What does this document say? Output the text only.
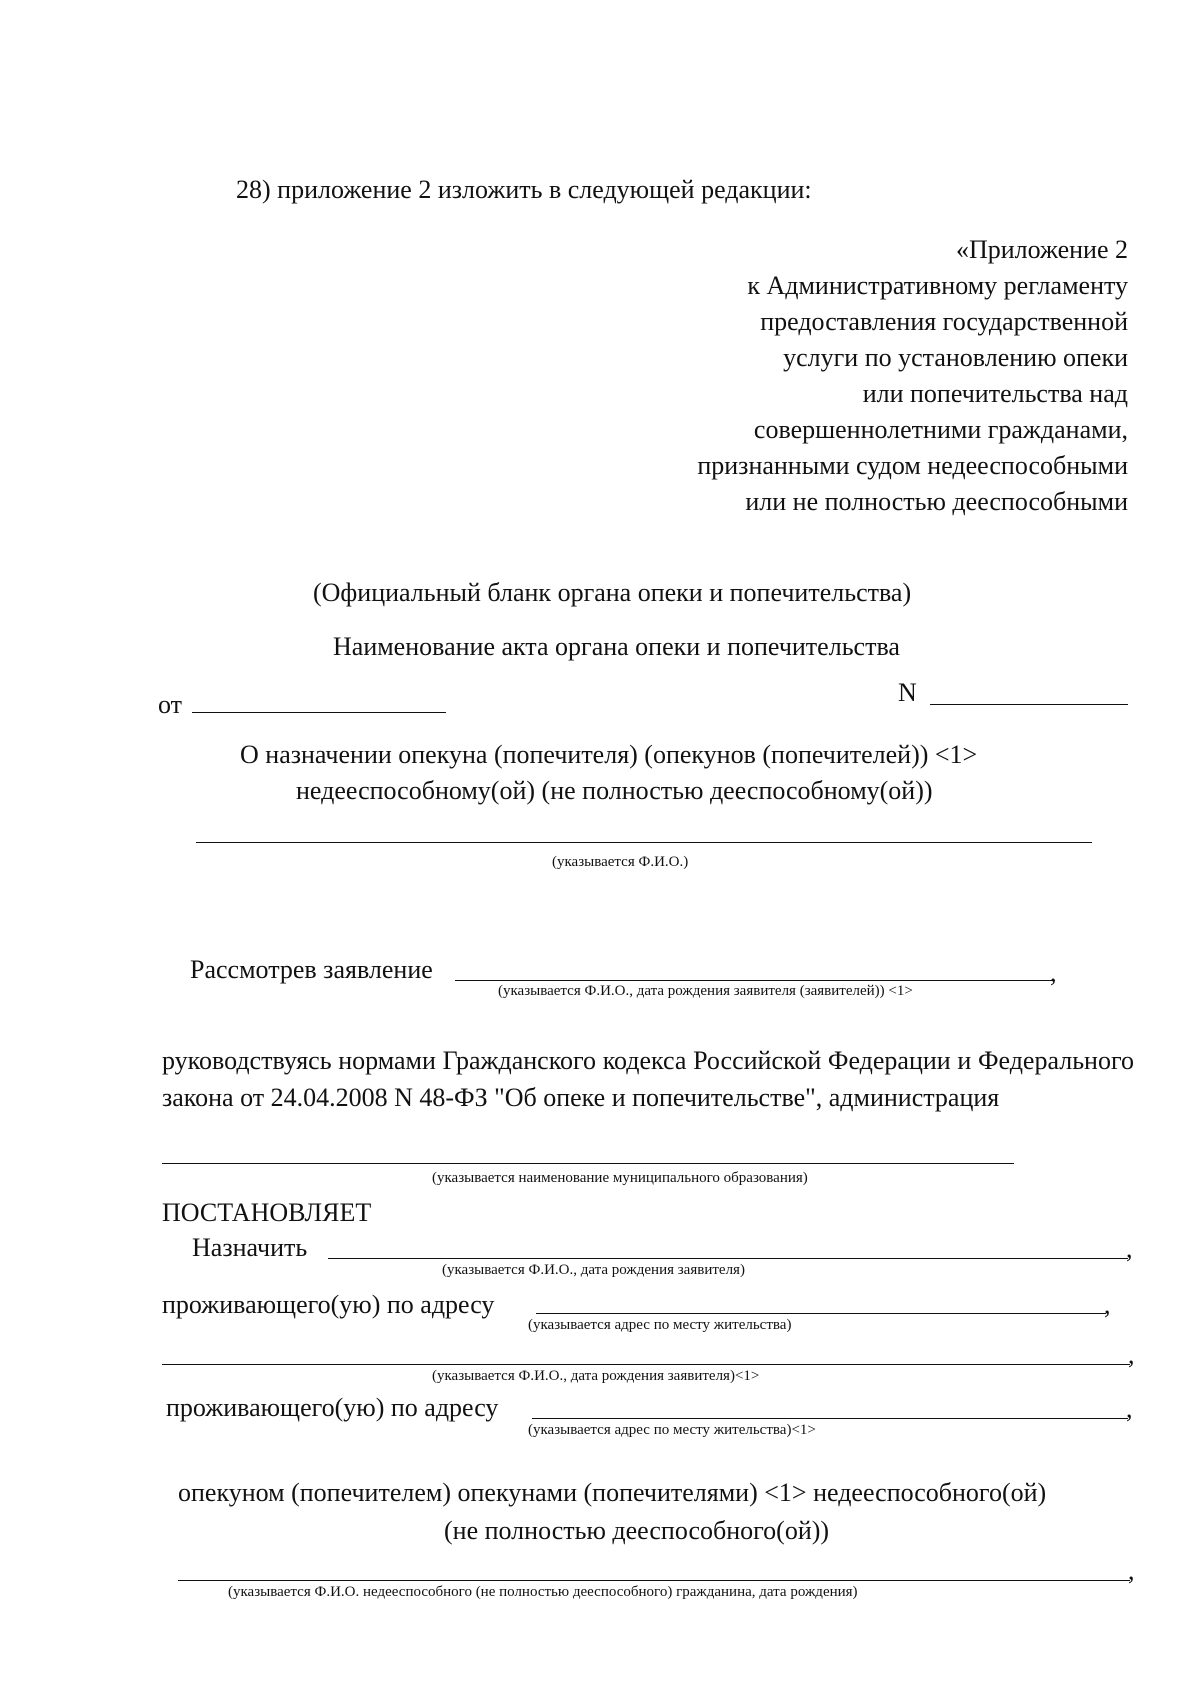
28) приложение 2 изложить в следующей редакции:
«Приложение 2
к Административному регламенту
предоставления государственной
услуги по установлению опеки
или попечительства над
совершеннолетними гражданами,
признанными судом недееспособными
или не полностью дееспособными
(Официальный бланк органа опеки и попечительства)
Наименование акта органа опеки и попечительства
от	N
О назначении опекуна (попечителя) (опекунов (попечителей)) <1>
недееспособному(ой) (не полностью дееспособному(ой))
(указывается Ф.И.О.)
Рассмотрев заявление	,
(указывается Ф.И.О., дата рождения заявителя (заявителей)) <1>
руководствуясь нормами Гражданского кодекса Российской Федерации и Федерального закона от 24.04.2008 N 48-ФЗ "Об опеке и попечительстве", администрация
(указывается наименование муниципального образования)
ПОСТАНОВЛЯЕТ
Назначить	,
(указывается Ф.И.О., дата рождения заявителя)
проживающего(ую) по адресу	,
(указывается адрес по месту жительства)
,
(указывается Ф.И.О., дата рождения заявителя)<1>
проживающего(ую) по адресу	,
(указывается адрес по месту жительства)<1>
опекуном (попечителем) опекунами (попечителями) <1> недееспособного(ой)
(не полностью дееспособного(ой))
,
(указывается Ф.И.О. недееспособного (не полностью дееспособного) гражданина, дата рождения)
